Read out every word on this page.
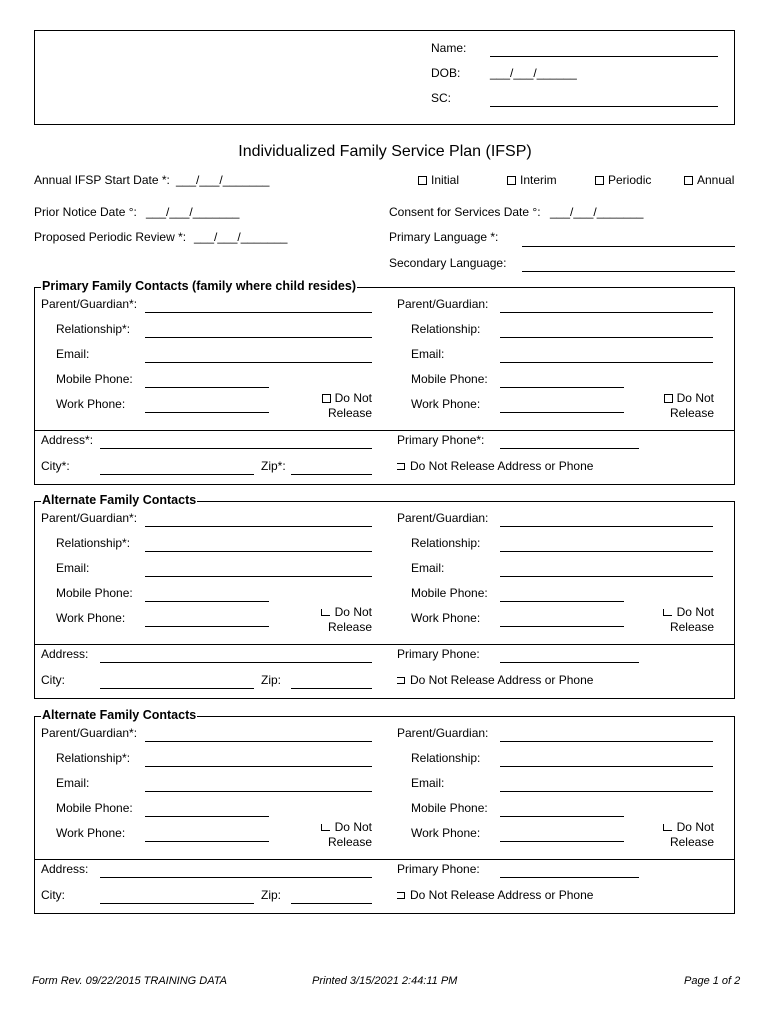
Name:
DOB: ___/___/______
SC:
Individualized Family Service Plan (IFSP)
Annual IFSP Start Date *: ___/___/_______	Initial	Interim	Periodic	Annual
Prior Notice Date °: ___/___/_______	Consent for Services Date °: ___/___/_______
Proposed Periodic Review *: ___/___/_______	Primary Language *:
Secondary Language:
Primary Family Contacts (family where child resides)
Parent/Guardian*:
Relationship*:
Email:
Mobile Phone:
Work Phone:	Do Not
Release
Parent/Guardian:
Relationship:
Email:
Mobile Phone:
Work Phone:	Do Not
Release
Address*:
City*:	Zip*:
Primary Phone*:
Do Not Release Address or Phone
Alternate Family Contacts
Parent/Guardian*:
Relationship*:
Email:
Mobile Phone:
Work Phone:	Do Not
Release
Parent/Guardian:
Relationship:
Email:
Mobile Phone:
Work Phone:	Do Not
Release
Address:
City:	Zip:
Primary Phone:
Do Not Release Address or Phone
Alternate Family Contacts
Parent/Guardian*:
Relationship*:
Email:
Mobile Phone:
Work Phone:	Do Not
Release
Parent/Guardian:
Relationship:
Email:
Mobile Phone:
Work Phone:	Do Not
Release
Address:
City:	Zip:
Primary Phone:
Do Not Release Address or Phone
Form Rev. 09/22/2015 TRAINING DATA	Printed 3/15/2021 2:44:11 PM	Page 1 of 2
